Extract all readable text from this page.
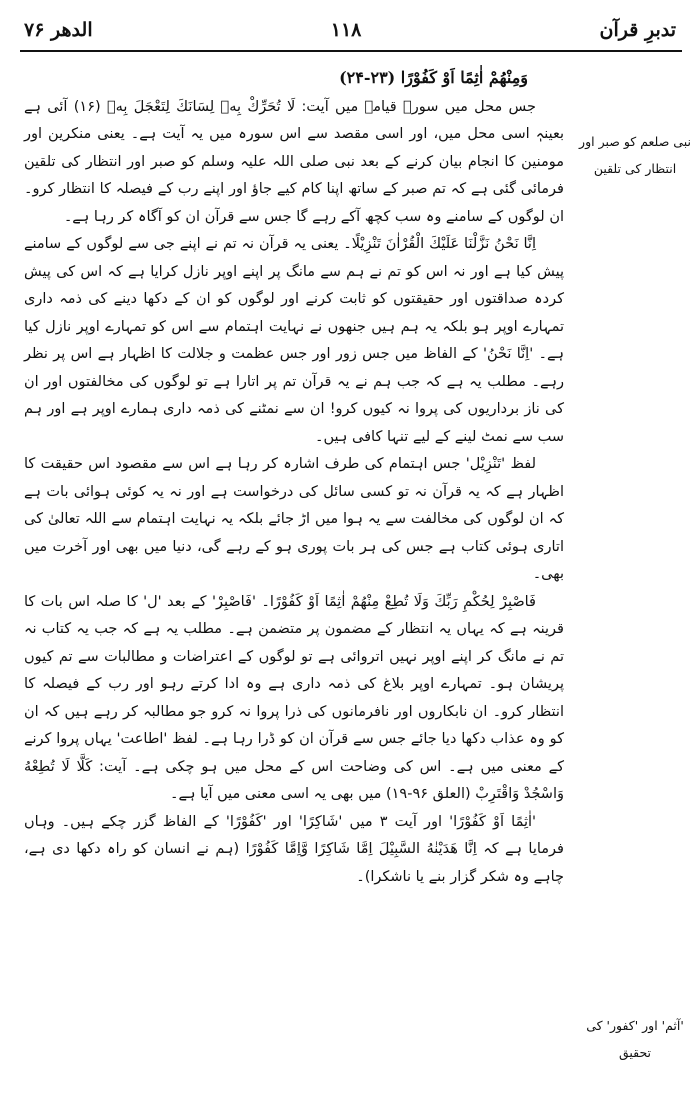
تدبرِ قرآن
۱۱۸
الدھر ۷۶
نبی صلعم کو صبر اور انتظار کی تلقین
'آثم' اور 'کفور' کی تحقیق

وَمِنْهُمْ اٰثِمًا اَوْ كَفُوْرًا (۲۳-۲۴)

جس محل میں سورۂ قیامہ میں آیت: لَا تُحَرِّكْ بِهٖ لِسَانَكَ لِتَعْجَلَ بِهٖ (۱۶) آئی ہے بعینہٖ اسی محل میں، اور اسی مقصد سے اس سورہ میں یہ آیت ہے۔ یعنی منکرین اور مومنین کا انجام بیان کرنے کے بعد نبی صلی اللہ علیہ وسلم کو صبر اور انتظار کی تلقین فرمائی گئی ہے کہ تم صبر کے ساتھ اپنا کام کیے جاؤ اور اپنے رب کے فیصلہ کا انتظار کرو۔ ان لوگوں کے سامنے وہ سب کچھ آکے رہے گا جس سے قرآن ان کو آگاہ کر رہا ہے۔

اِنَّا نَحْنُ نَزَّلْنَا عَلَيْكَ الْقُرْاٰنَ تَنْزِيْلًا۔ یعنی یہ قرآن نہ تم نے اپنے جی سے لوگوں کے سامنے پیش کیا ہے اور نہ اس کو تم نے ہم سے مانگ پر اپنے اوپر نازل کرایا ہے کہ اس کی پیش کردہ صداقتوں اور حقیقتوں کو ثابت کرنے اور لوگوں کو ان کے دکھا دینے کی ذمہ داری تمہارے اوپر ہو بلکہ یہ ہم ہیں جنھوں نے نہایت اہتمام سے اس کو تمہارے اوپر نازل کیا ہے۔ 'اِنَّا نَحْنُ' کے الفاظ میں جس زور اور جس عظمت و جلالت کا اظہار ہے اس پر نظر رہے۔ مطلب یہ ہے کہ جب ہم نے یہ قرآن تم پر اتارا ہے تو لوگوں کی مخالفتوں اور ان کی ناز برداریوں کی پروا نہ کیوں کرو! ان سے نمٹنے کی ذمہ داری ہمارے اوپر ہے اور ہم سب سے نمٹ لینے کے لیے تنہا کافی ہیں۔

لفظ 'تَنْزِيْل' جس اہتمام کی طرف اشارہ کر رہا ہے اس سے مقصود اس حقیقت کا اظہار ہے کہ یہ قرآن نہ تو کسی سائل کی درخواست ہے اور نہ یہ کوئی ہوائی بات ہے کہ ان لوگوں کی مخالفت سے یہ ہوا میں اڑ جائے بلکہ یہ نہایت اہتمام سے اللہ تعالیٰ کی اتاری ہوئی کتاب ہے جس کی ہر بات پوری ہو کے رہے گی، دنیا میں بھی اور آخرت میں بھی۔

فَاصْبِرْ لِحُكْمِ رَبِّكَ وَلَا تُطِعْ مِنْهُمْ اٰثِمًا اَوْ كَفُوْرًا۔ 'فَاصْبِرْ' کے بعد 'ل' کا صلہ اس بات کا قرینہ ہے کہ یہاں یہ انتظار کے مضمون پر متضمن ہے۔ مطلب یہ ہے کہ جب یہ کتاب نہ تم نے مانگ کر اپنے اوپر نہیں اتروائی ہے تو لوگوں کے اعتراضات و مطالبات سے تم کیوں پریشان ہو۔ تمہارے اوپر بلاغ کی ذمہ داری ہے وہ ادا کرتے رہو اور رب کے فیصلہ کا انتظار کرو۔ ان نابکاروں اور نافرمانوں کی ذرا پروا نہ کرو جو مطالبہ کر رہے ہیں کہ ان کو وہ عذاب دکھا دیا جائے جس سے قرآن ان کو ڈرا رہا ہے۔ لفظ 'اطاعت' یہاں پروا کرنے کے معنی میں ہے۔ اس کی وضاحت اس کے محل میں ہو چکی ہے۔ آیت: كَلَّا لَا تُطِعْهُ وَاسْجُدْ وَاقْتَرِبْ (العلق ۹۶-۱۹) میں بھی یہ اسی معنی میں آیا ہے۔

'اٰثِمًا اَوْ كَفُوْرًا' اور آیت ۳ میں 'شَاكِرًا' اور 'كَفُوْرًا' کے الفاظ گزر چکے ہیں۔ وہاں فرمایا ہے کہ اِنَّا هَدَيْنٰهُ السَّبِيْلَ اِمَّا شَاكِرًا وَّاِمَّا كَفُوْرًا (ہم نے انسان کو راہ دکھا دی ہے، چاہے وہ شکر گزار بنے یا ناشکرا)۔
